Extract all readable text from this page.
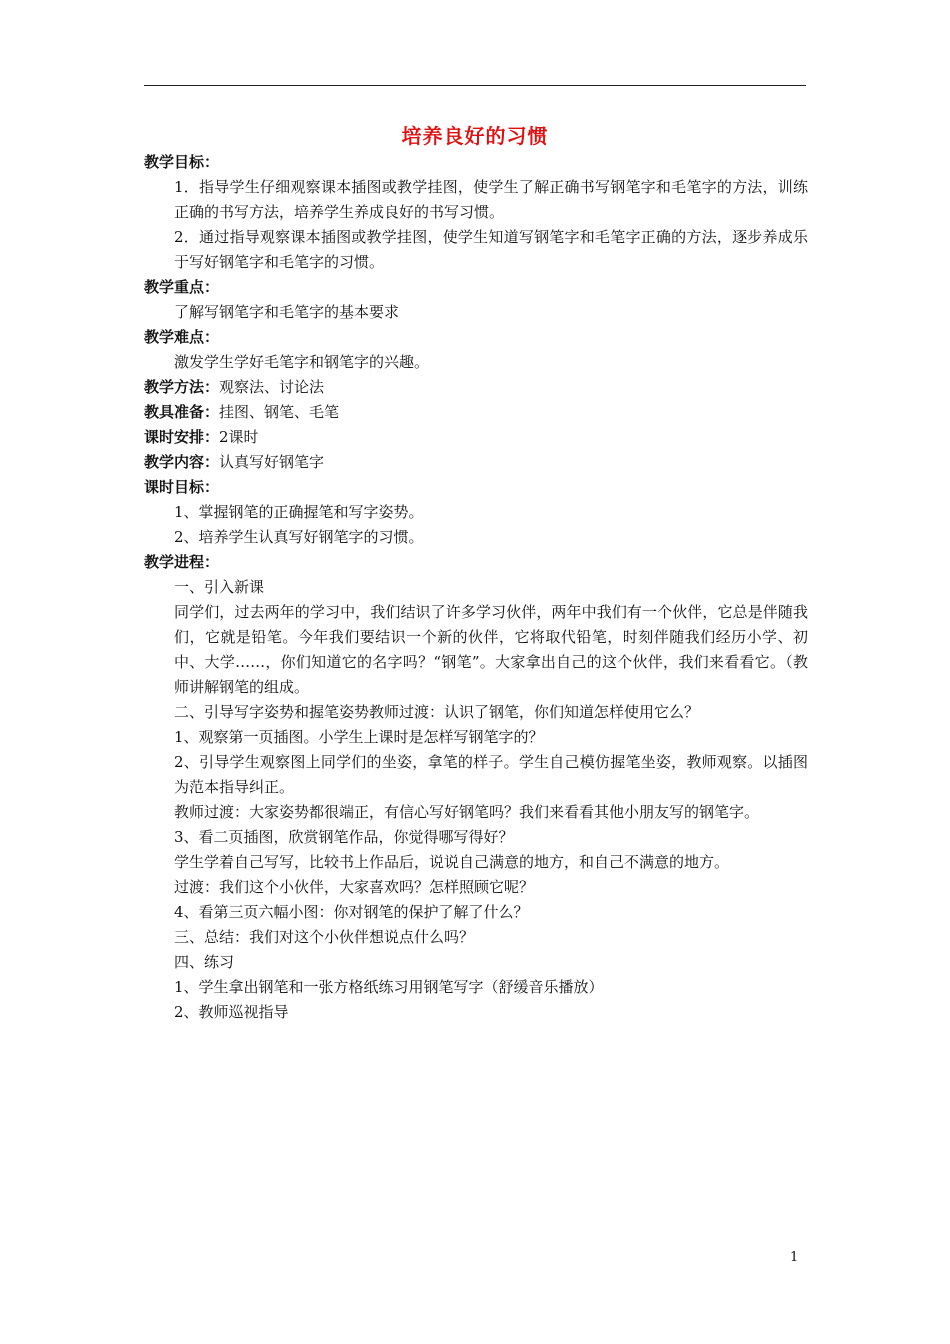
培养良好的习惯
教学目标：
1．指导学生仔细观察课本插图或教学挂图，使学生了解正确书写钢笔字和毛笔字的方法，训练正确的书写方法，培养学生养成良好的书写习惯。
2．通过指导观察课本插图或教学挂图，使学生知道写钢笔字和毛笔字正确的方法，逐步养成乐于写好钢笔字和毛笔字的习惯。
教学重点：
了解写钢笔字和毛笔字的基本要求
教学难点：
激发学生学好毛笔字和钢笔字的兴趣。
教学方法：观察法、讨论法
教具准备：挂图、钢笔、毛笔
课时安排：2课时
教学内容：认真写好钢笔字
课时目标：
1、掌握钢笔的正确握笔和写字姿势。
2、培养学生认真写好钢笔字的习惯。
教学进程：
一、引入新课
同学们，过去两年的学习中，我们结识了许多学习伙伴，两年中我们有一个伙伴，它总是伴随我们，它就是铅笔。今年我们要结识一个新的伙伴，它将取代铅笔，时刻伴随我们经历小学、初中、大学……，你们知道它的名字吗？“钢笔”。大家拿出自己的这个伙伴，我们来看看它。（教师讲解钢笔的组成。
二、引导写字姿势和握笔姿势教师过渡：认识了钢笔，你们知道怎样使用它么？
1、观察第一页插图。小学生上课时是怎样写钢笔字的？
2、引导学生观察图上同学们的坐姿，拿笔的样子。学生自己模仿握笔坐姿，教师观察。以插图为范本指导纠正。
教师过渡：大家姿势都很端正，有信心写好钢笔吗？我们来看看其他小朋友写的钢笔字。
3、看二页插图，欣赏钢笔作品，你觉得哪写得好？
学生学着自己写写，比较书上作品后，说说自己满意的地方，和自己不满意的地方。
过渡：我们这个小伙伴，大家喜欢吗？怎样照顾它呢？
4、看第三页六幅小图：你对钢笔的保护了解了什么？
三、总结：我们对这个小伙伴想说点什么吗？
四、练习
1、学生拿出钢笔和一张方格纸练习用钢笔写字（舒缓音乐播放）
2、教师巡视指导
1
